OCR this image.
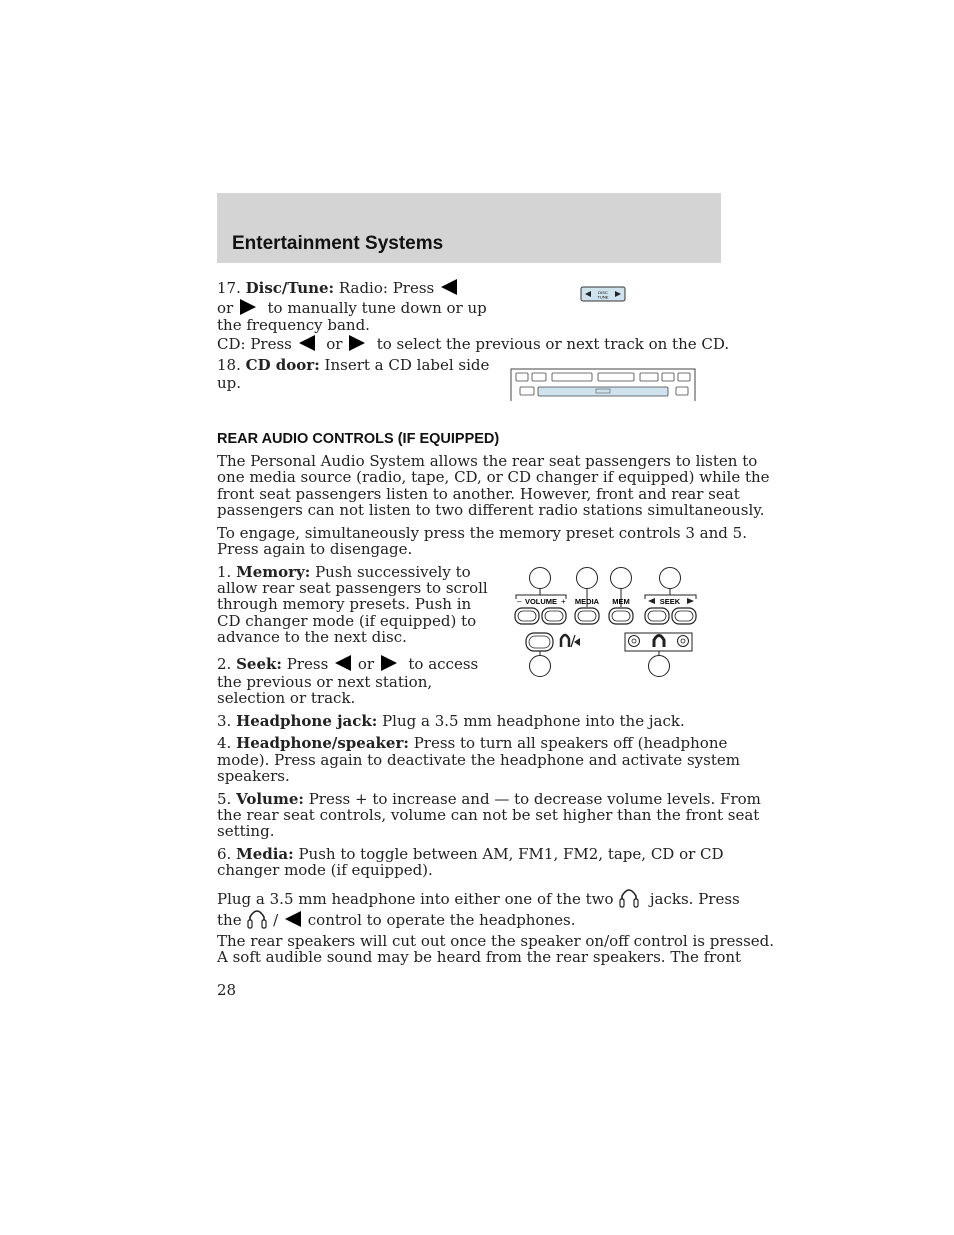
Entertainment Systems

17. Disc/Tune: Radio: Press

or to manually tune down or up

the frequency band.

CD: Press or to select the previous or next track on the CD.

DISC
TUNE

18. CD door: Insert a CD label side

up.

REAR AUDIO CONTROLS (IF EQUIPPED)

The Personal Audio System allows the rear seat passengers to listen to

one media source (radio, tape, CD, or CD changer if equipped) while the

front seat passengers listen to another. However, front and rear seat

passengers can not listen to two different radio stations simultaneously.

To engage, simultaneously press the memory preset controls 3 and 5.

Press again to disengage.

1. Memory: Push successively to

allow rear seat passengers to scroll

through memory presets. Push in

CD changer mode (if equipped) to

advance to the next disc.

2. Seek: Press or to access

the previous or next station,

selection or track.

– VOLUME + MEDIA MEM	SEEK

3. Headphone jack: Plug a 3.5 mm headphone into the jack.

4. Headphone/speaker: Press to turn all speakers off (headphone

mode). Press again to deactivate the headphone and activate system

speakers.

5. Volume: Press + to increase and — to decrease volume levels. From

the rear seat controls, volume can not be set higher than the front seat

setting.

6. Media: Push to toggle between AM, FM1, FM2, tape, CD or CD

changer mode (if equipped).

Plug a 3.5 mm headphone into either one of the two jacks. Press

the / control to operate the headphones.

The rear speakers will cut out once the speaker on/off control is pressed.

A soft audible sound may be heard from the rear speakers. The front

28
